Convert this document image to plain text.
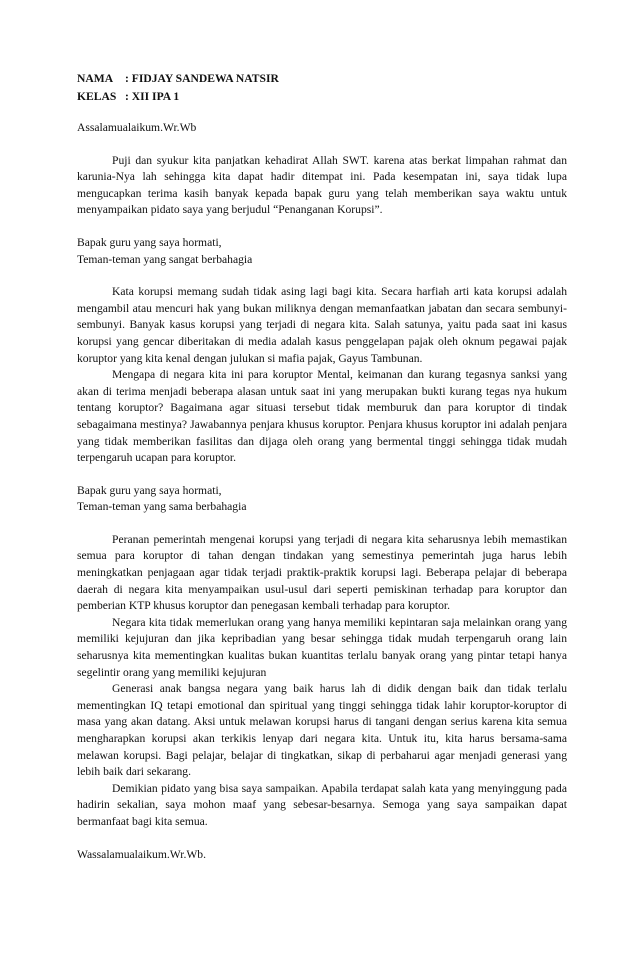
NAMA	: FIDJAY SANDEWA NATSIR
KELAS : XII IPA 1

Assalamualaikum.Wr.Wb

Puji dan syukur kita panjatkan kehadirat Allah SWT. karena atas berkat limpahan rahmat dan karunia-Nya lah sehingga kita dapat hadir ditempat ini. Pada kesempatan ini, saya tidak lupa mengucapkan terima kasih banyak kepada bapak guru yang telah memberikan saya waktu untuk menyampaikan pidato saya yang berjudul “Penanganan Korupsi”.

Bapak guru yang saya hormati,
Teman-teman yang sangat berbahagia

Kata korupsi memang sudah tidak asing lagi bagi kita. Secara harfiah arti kata korupsi adalah mengambil atau mencuri hak yang bukan miliknya dengan memanfaatkan jabatan dan secara sembunyi-sembunyi. Banyak kasus korupsi yang terjadi di negara kita. Salah satunya, yaitu pada saat ini kasus korupsi yang gencar diberitakan di media adalah kasus penggelapan pajak oleh oknum pegawai pajak koruptor yang kita kenal dengan julukan si mafia pajak, Gayus Tambunan.

Mengapa di negara kita ini para koruptor Mental, keimanan dan kurang tegasnya sanksi yang akan di terima menjadi beberapa alasan untuk saat ini yang merupakan bukti kurang tegas nya hukum tentang koruptor? Bagaimana agar situasi tersebut tidak memburuk dan para koruptor di tindak sebagaimana mestinya? Jawabannya penjara khusus koruptor. Penjara khusus koruptor ini adalah penjara yang tidak memberikan fasilitas dan dijaga oleh orang yang bermental tinggi sehingga tidak mudah terpengaruh ucapan para koruptor.

Bapak guru yang saya hormati,
Teman-teman yang sama berbahagia

Peranan pemerintah mengenai korupsi yang terjadi di negara kita seharusnya lebih memastikan semua para koruptor di tahan dengan tindakan yang semestinya pemerintah juga harus lebih meningkatkan penjagaan agar tidak terjadi praktik-praktik korupsi lagi. Beberapa pelajar di beberapa daerah di negara kita menyampaikan usul-usul dari seperti pemiskinan terhadap para koruptor dan pemberian KTP khusus koruptor dan penegasan kembali terhadap para koruptor.

Negara kita tidak memerlukan orang yang hanya memiliki kepintaran saja melainkan orang yang memiliki kejujuran dan jika kepribadian yang besar sehingga tidak mudah terpengaruh orang lain seharusnya kita mementingkan kualitas bukan kuantitas terlalu banyak orang yang pintar tetapi hanya segelintir orang yang memiliki kejujuran

Generasi anak bangsa negara yang baik harus lah di didik dengan baik dan tidak terlalu mementingkan IQ tetapi emotional dan spiritual yang tinggi sehingga tidak lahir koruptor-koruptor di masa yang akan datang. Aksi untuk melawan korupsi harus di tangani dengan serius karena kita semua mengharapkan korupsi akan terkikis lenyap dari negara kita. Untuk itu, kita harus bersama-sama melawan korupsi. Bagi pelajar, belajar di tingkatkan, sikap di perbaharui agar menjadi generasi yang lebih baik dari sekarang.

Demikian pidato yang bisa saya sampaikan. Apabila terdapat salah kata yang menyinggung pada hadirin sekalian, saya mohon maaf yang sebesar-besarnya. Semoga yang saya sampaikan dapat bermanfaat bagi kita semua.

Wassalamualaikum.Wr.Wb.
